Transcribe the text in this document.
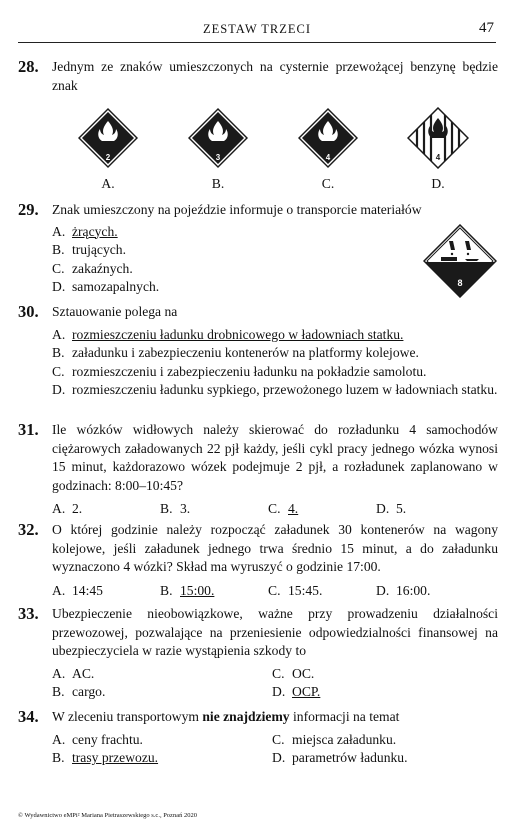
ZESTAW TRZECI	47
28. Jednym ze znaków umieszczonych na cysternie przewożącej benzynę będzie znak
2	3	4	4
A.	B.	C.	D.
29. Znak umieszczony na pojeździe informuje o transporcie materiałów
A. żrących.
B. trujących.
C. zakaźnych.
D. samozapalnych.	8
30. Sztauowanie polega na
A. rozmieszczeniu ładunku drobnicowego w ładowniach statku.
B. załadunku i zabezpieczeniu kontenerów na platformy kolejowe.
C. rozmieszczeniu i zabezpieczeniu ładunku na pokładzie samolotu.
D. rozmieszczeniu ładunku sypkiego, przewożonego luzem w ładowniach statku.
31. Ile wózków widłowych należy skierować do rozładunku 4 samochodów ciężarowych załadowanych 22 pjł każdy, jeśli cykl pracy jednego wózka wynosi 15 minut, każdorazowo wózek podejmuje 2 pjł, a rozładunek zaplanowano w godzinach: 8:00–10:45?
A. 2.	B. 3.	C. 4.	D. 5.
32. O której godzinie należy rozpocząć załadunek 30 kontenerów na wagony kolejowe, jeśli załadunek jednego trwa średnio 15 minut, a do załadunku wyznaczono 4 wózki? Skład ma wyruszyć o godzinie 17:00.
A. 14:45	B. 15:00.	C. 15:45.	D. 16:00.
33. Ubezpieczenie nieobowiązkowe, ważne przy prowadzeniu działalności przewozowej, pozwalające na przeniesienie odpowiedzialności finansowej na ubezpieczyciela w razie wystąpienia szkody to
A. AC.	C. OC.
B. cargo.	D. OCP.
34. W zleceniu transportowym nie znajdziemy informacji na temat
A. ceny frachtu.	C. miejsca załadunku.
B. trasy przewozu.	D. parametrów ładunku.
© Wydawnictwo eMPi² Mariana Pietraszewskiego s.c., Poznań 2020
